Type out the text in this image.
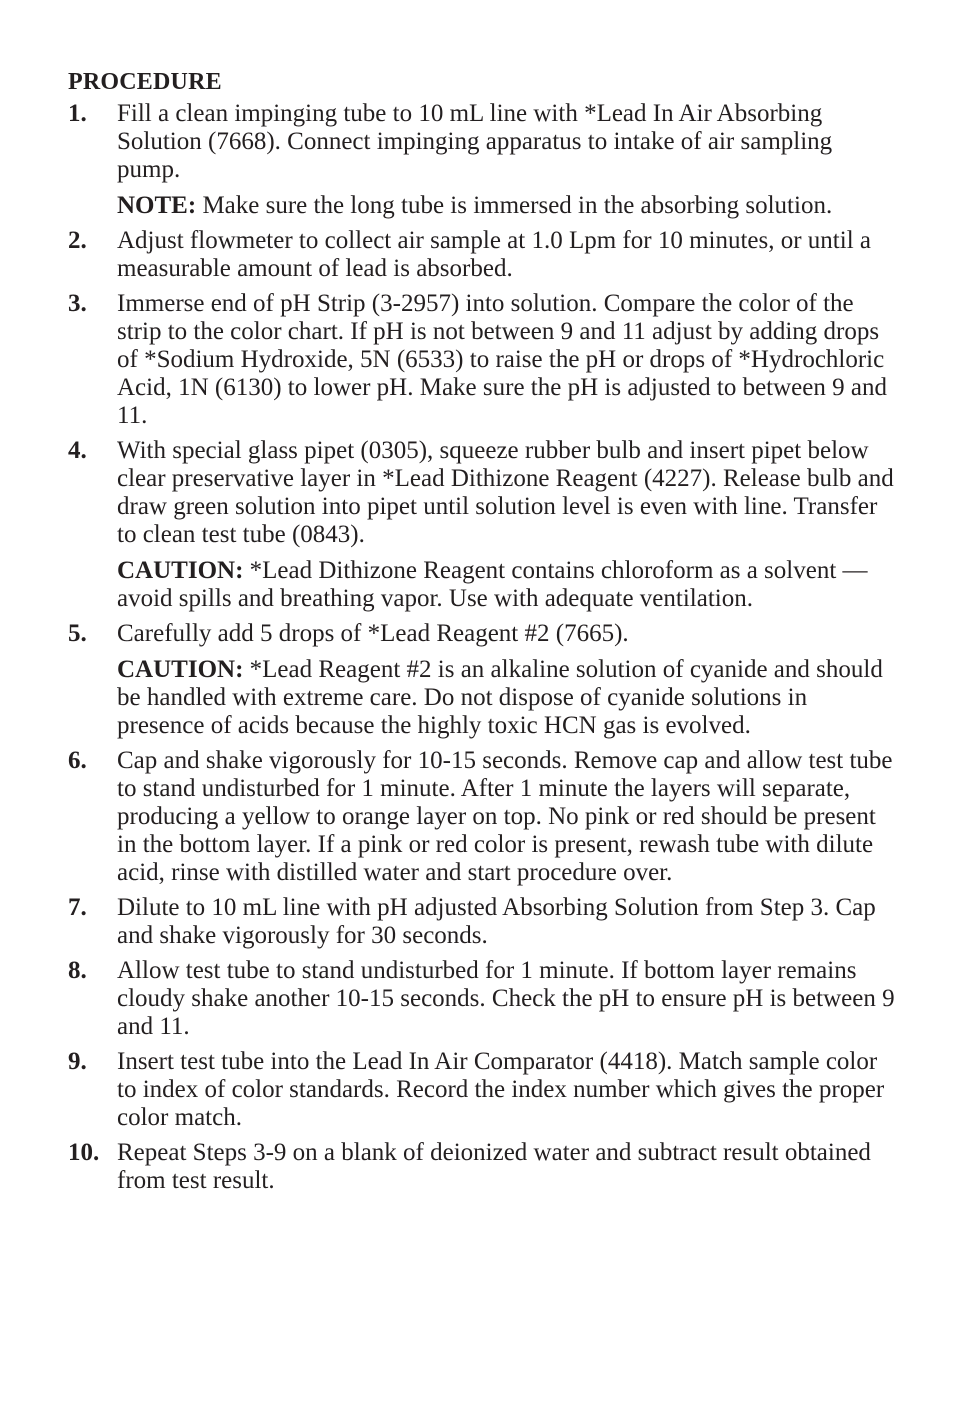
PROCEDURE
1. Fill a clean impinging tube to 10 mL line with *Lead In Air Absorbing Solution (7668). Connect impinging apparatus to intake of air sampling pump.
NOTE: Make sure the long tube is immersed in the absorbing solution.
2. Adjust flowmeter to collect air sample at 1.0 Lpm for 10 minutes, or until a measurable amount of lead is absorbed.
3. Immerse end of pH Strip (3-2957) into solution. Compare the color of the strip to the color chart. If pH is not between 9 and 11 adjust by adding drops of *Sodium Hydroxide, 5N (6533) to raise the pH or drops of *Hydrochloric Acid, 1N (6130) to lower pH. Make sure the pH is adjusted to between 9 and 11.
4. With special glass pipet (0305), squeeze rubber bulb and insert pipet below clear preservative layer in *Lead Dithizone Reagent (4227). Release bulb and draw green solution into pipet until solution level is even with line. Transfer to clean test tube (0843).
CAUTION: *Lead Dithizone Reagent contains chloroform as a solvent — avoid spills and breathing vapor. Use with adequate ventilation.
5. Carefully add 5 drops of *Lead Reagent #2 (7665).
CAUTION: *Lead Reagent #2 is an alkaline solution of cyanide and should be handled with extreme care. Do not dispose of cyanide solutions in presence of acids because the highly toxic HCN gas is evolved.
6. Cap and shake vigorously for 10-15 seconds. Remove cap and allow test tube to stand undisturbed for 1 minute. After 1 minute the layers will separate, producing a yellow to orange layer on top. No pink or red should be present in the bottom layer. If a pink or red color is present, rewash tube with dilute acid, rinse with distilled water and start procedure over.
7. Dilute to 10 mL line with pH adjusted Absorbing Solution from Step 3. Cap and shake vigorously for 30 seconds.
8. Allow test tube to stand undisturbed for 1 minute. If bottom layer remains cloudy shake another 10-15 seconds. Check the pH to ensure pH is between 9 and 11.
9. Insert test tube into the Lead In Air Comparator (4418). Match sample color to index of color standards. Record the index number which gives the proper color match.
10. Repeat Steps 3-9 on a blank of deionized water and subtract result obtained from test result.
